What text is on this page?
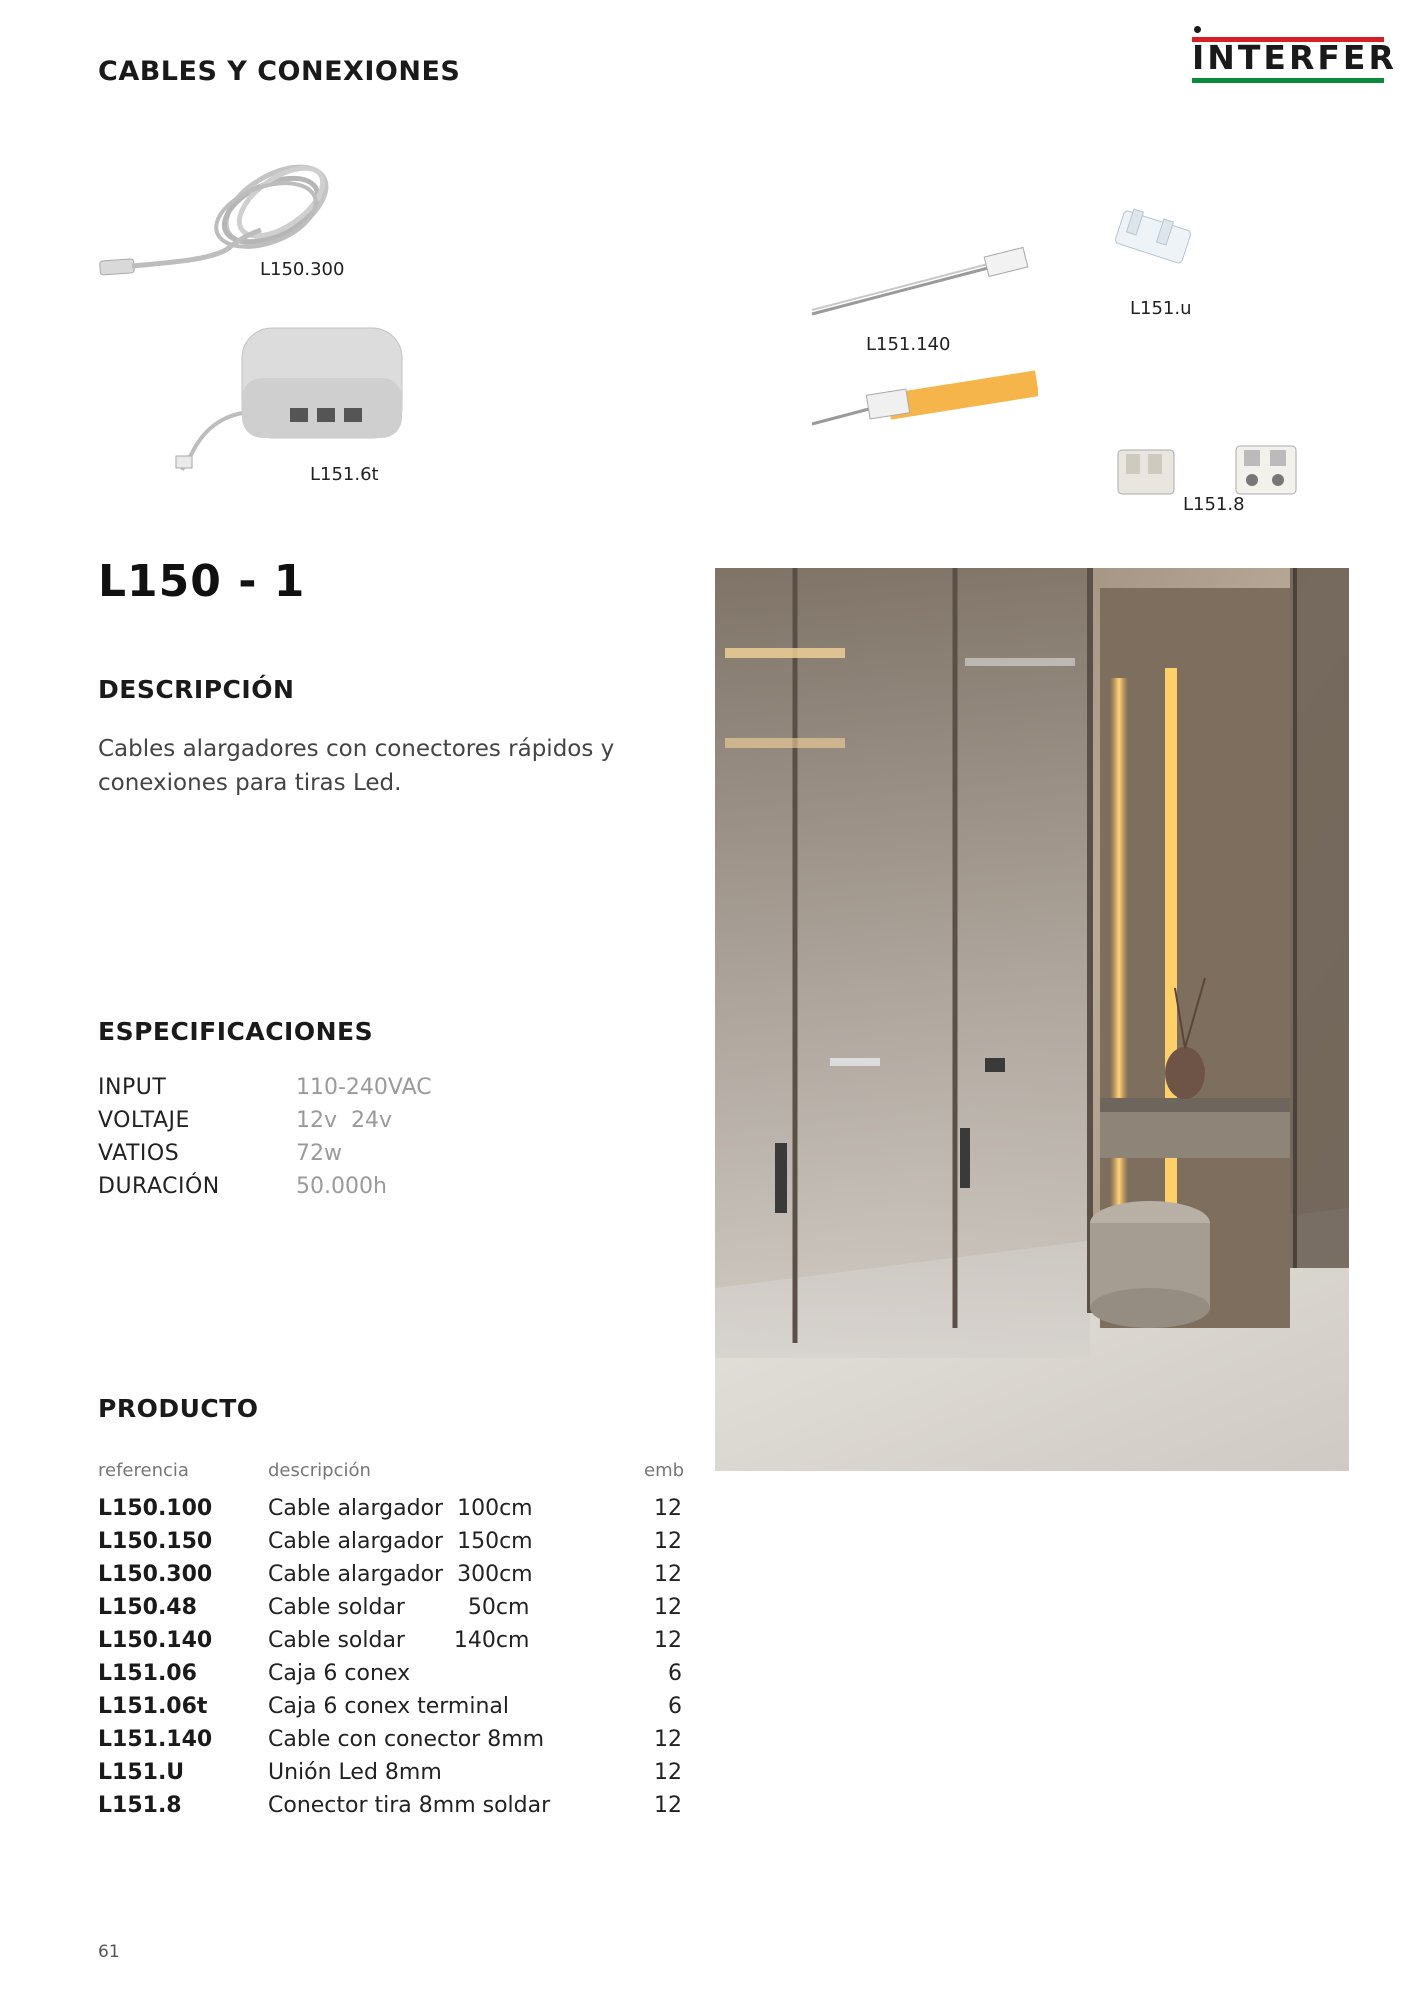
CABLES Y CONEXIONES	INTERFER
L150.300
L151.6t
L151.140
L151.u
L151.8
L150 - 1
DESCRIPCIÓN
Cables alargadores con conectores rápidos y conexiones para tiras Led.
ESPECIFICACIONES
INPUT	110-240VAC
VOLTAJE	12v  24v
VATIOS	72w
DURACIÓN	50.000h
PRODUCTO
referencia	descripción	emb
L150.100	Cable alargador  100cm	12
L150.150	Cable alargador  150cm	12
L150.300	Cable alargador  300cm	12
L150.48	Cable soldar         50cm	12
L150.140	Cable soldar       140cm	12
L151.06	Caja 6 conex	6
L151.06t	Caja 6 conex terminal	6
L151.140	Cable con conector 8mm	12
L151.U	Unión Led 8mm	12
L151.8	Conector tira 8mm soldar	12
61
